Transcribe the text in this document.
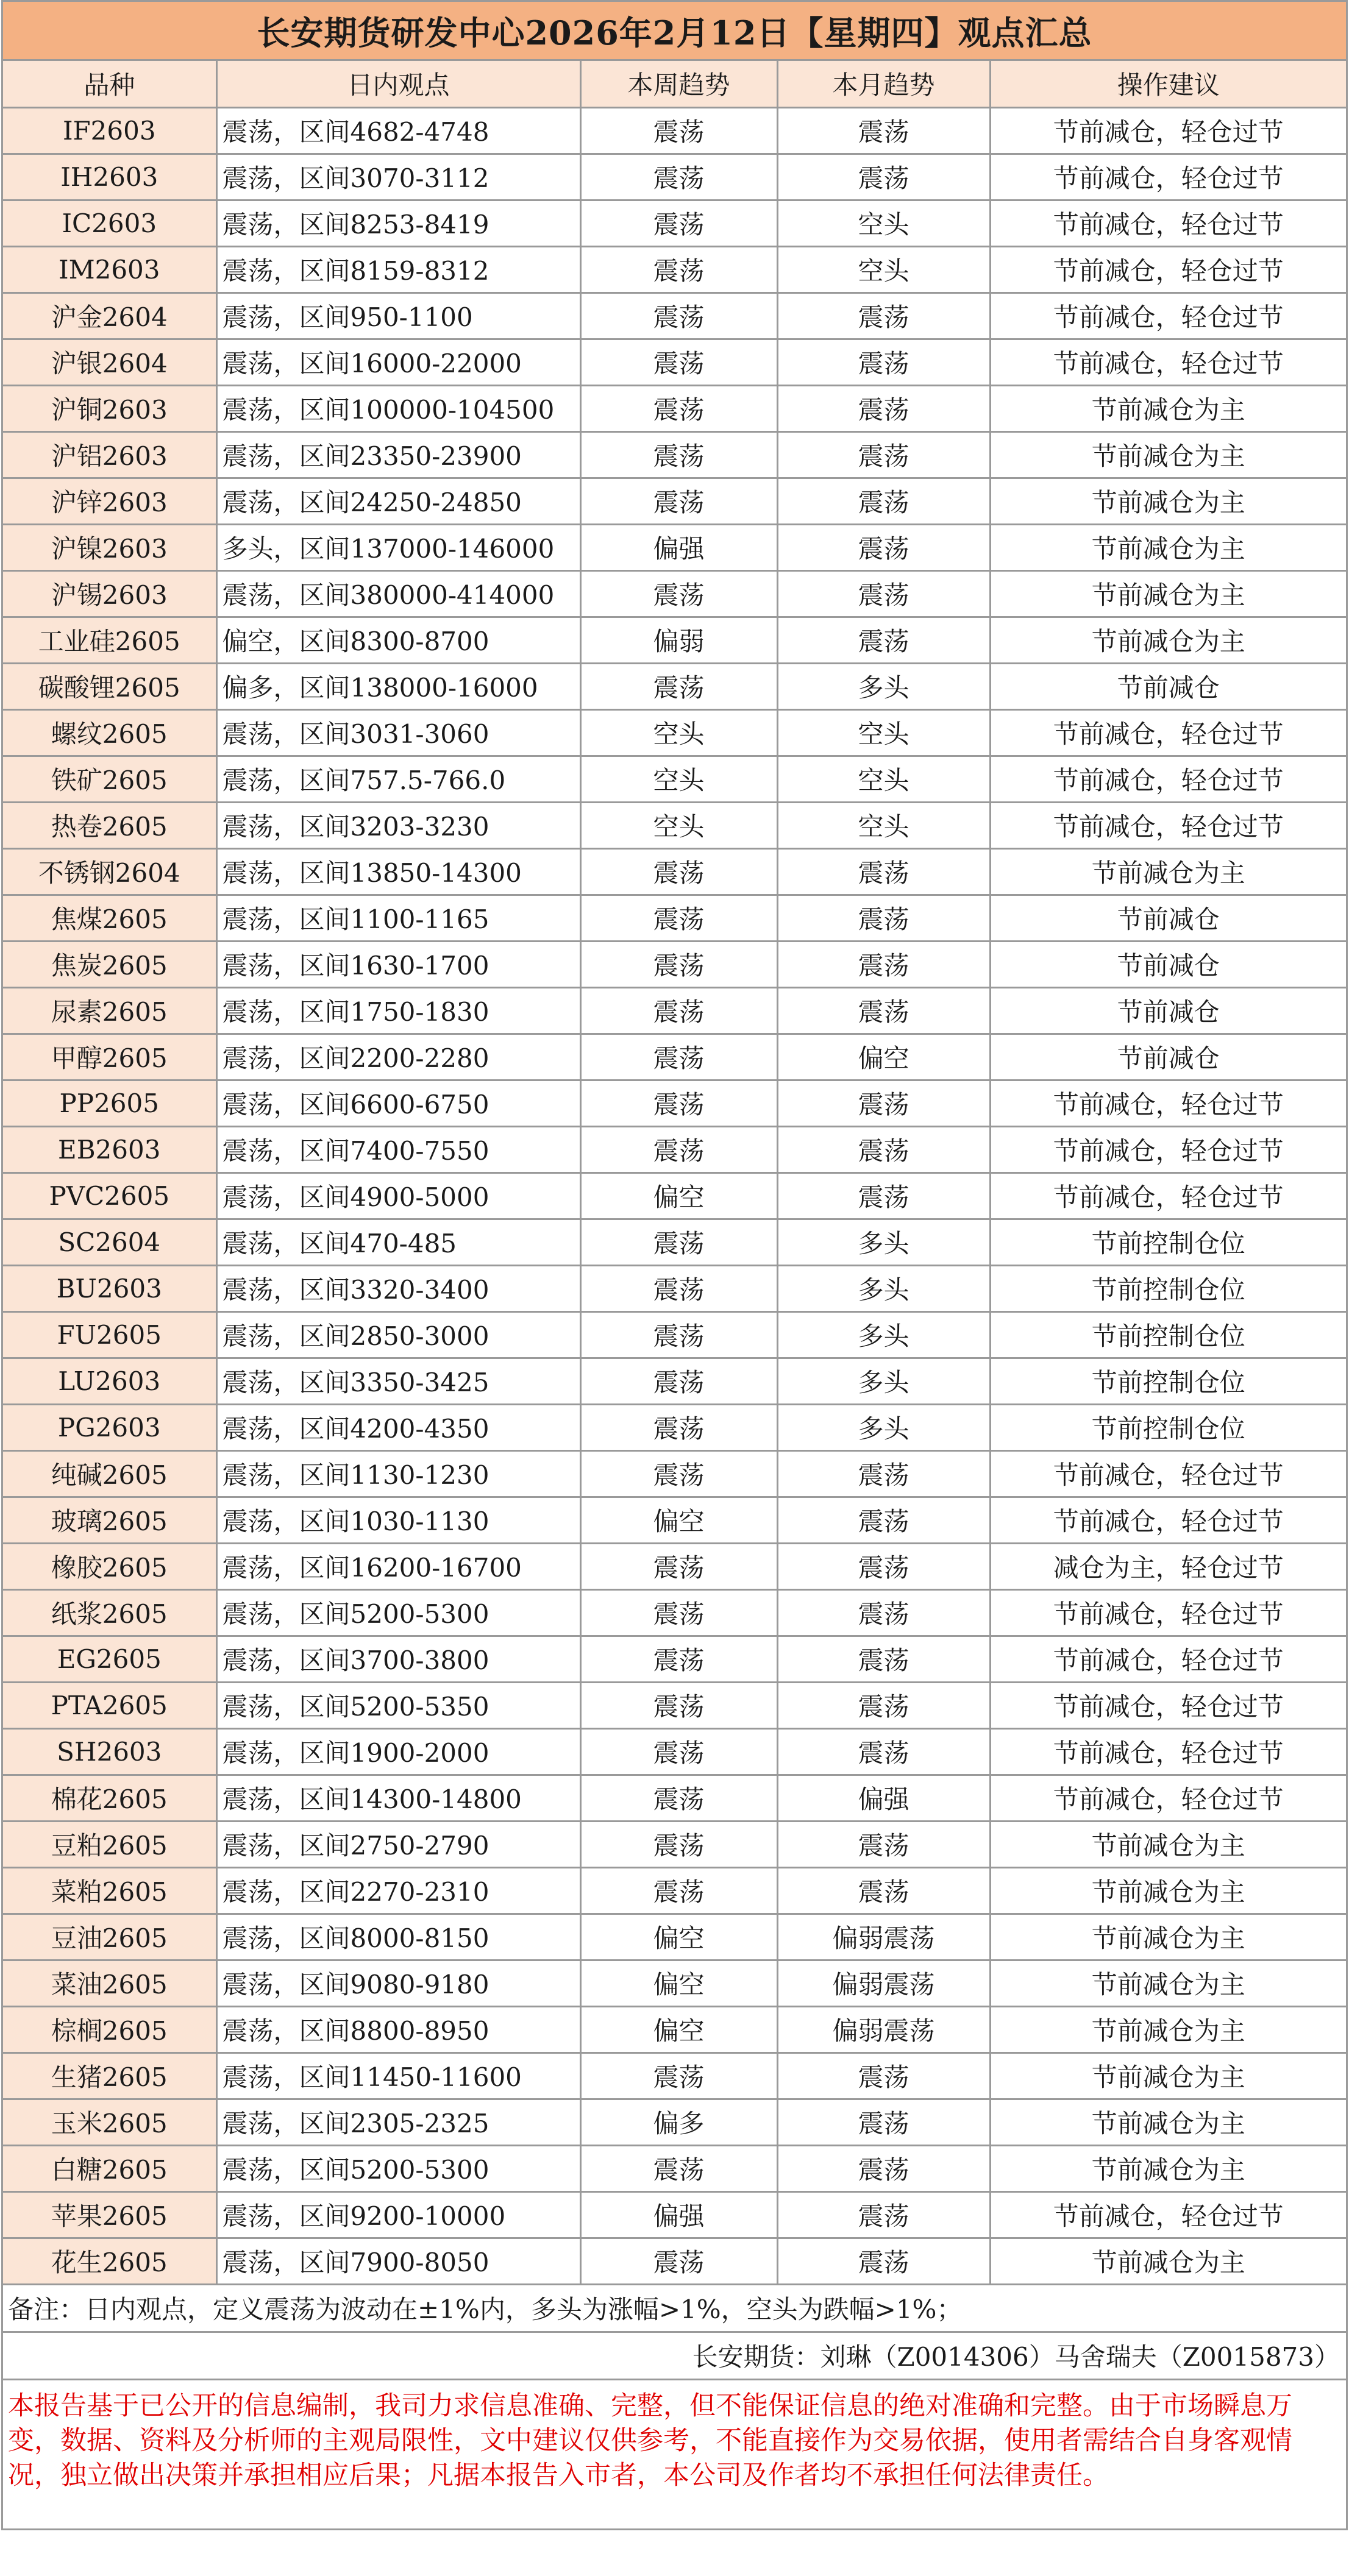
长安期货研发中心2026年2月12日【星期四】观点汇总
品种	日内观点	本周趋势	本月趋势	操作建议
IF2603	震荡，区间4682-4748	震荡	震荡	节前减仓，轻仓过节
IH2603	震荡，区间3070-3112	震荡	震荡	节前减仓，轻仓过节
IC2603	震荡，区间8253-8419	震荡	空头	节前减仓，轻仓过节
IM2603	震荡，区间8159-8312	震荡	空头	节前减仓，轻仓过节
沪金2604	震荡，区间950-1100	震荡	震荡	节前减仓，轻仓过节
沪银2604	震荡，区间16000-22000	震荡	震荡	节前减仓，轻仓过节
沪铜2603	震荡，区间100000-104500	震荡	震荡	节前减仓为主
沪铝2603	震荡，区间23350-23900	震荡	震荡	节前减仓为主
沪锌2603	震荡，区间24250-24850	震荡	震荡	节前减仓为主
沪镍2603	多头，区间137000-146000	偏强	震荡	节前减仓为主
沪锡2603	震荡，区间380000-414000	震荡	震荡	节前减仓为主
工业硅2605	偏空，区间8300-8700	偏弱	震荡	节前减仓为主
碳酸锂2605	偏多，区间138000-16000	震荡	多头	节前减仓
螺纹2605	震荡，区间3031-3060	空头	空头	节前减仓，轻仓过节
铁矿2605	震荡，区间757.5-766.0	空头	空头	节前减仓，轻仓过节
热卷2605	震荡，区间3203-3230	空头	空头	节前减仓，轻仓过节
不锈钢2604	震荡，区间13850-14300	震荡	震荡	节前减仓为主
焦煤2605	震荡，区间1100-1165	震荡	震荡	节前减仓
焦炭2605	震荡，区间1630-1700	震荡	震荡	节前减仓
尿素2605	震荡，区间1750-1830	震荡	震荡	节前减仓
甲醇2605	震荡，区间2200-2280	震荡	偏空	节前减仓
PP2605	震荡，区间6600-6750	震荡	震荡	节前减仓，轻仓过节
EB2603	震荡，区间7400-7550	震荡	震荡	节前减仓，轻仓过节
PVC2605	震荡，区间4900-5000	偏空	震荡	节前减仓，轻仓过节
SC2604	震荡，区间470-485	震荡	多头	节前控制仓位
BU2603	震荡，区间3320-3400	震荡	多头	节前控制仓位
FU2605	震荡，区间2850-3000	震荡	多头	节前控制仓位
LU2603	震荡，区间3350-3425	震荡	多头	节前控制仓位
PG2603	震荡，区间4200-4350	震荡	多头	节前控制仓位
纯碱2605	震荡，区间1130-1230	震荡	震荡	节前减仓，轻仓过节
玻璃2605	震荡，区间1030-1130	偏空	震荡	节前减仓，轻仓过节
橡胶2605	震荡，区间16200-16700	震荡	震荡	减仓为主，轻仓过节
纸浆2605	震荡，区间5200-5300	震荡	震荡	节前减仓，轻仓过节
EG2605	震荡，区间3700-3800	震荡	震荡	节前减仓，轻仓过节
PTA2605	震荡，区间5200-5350	震荡	震荡	节前减仓，轻仓过节
SH2603	震荡，区间1900-2000	震荡	震荡	节前减仓，轻仓过节
棉花2605	震荡，区间14300-14800	震荡	偏强	节前减仓，轻仓过节
豆粕2605	震荡，区间2750-2790	震荡	震荡	节前减仓为主
菜粕2605	震荡，区间2270-2310	震荡	震荡	节前减仓为主
豆油2605	震荡，区间8000-8150	偏空	偏弱震荡	节前减仓为主
菜油2605	震荡，区间9080-9180	偏空	偏弱震荡	节前减仓为主
棕榈2605	震荡，区间8800-8950	偏空	偏弱震荡	节前减仓为主
生猪2605	震荡，区间11450-11600	震荡	震荡	节前减仓为主
玉米2605	震荡，区间2305-2325	偏多	震荡	节前减仓为主
白糖2605	震荡，区间5200-5300	震荡	震荡	节前减仓为主
苹果2605	震荡，区间9200-10000	偏强	震荡	节前减仓，轻仓过节
花生2605	震荡，区间7900-8050	震荡	震荡	节前减仓为主
备注：日内观点，定义震荡为波动在±1%内，多头为涨幅>1%，空头为跌幅>1%；
长安期货：刘琳（Z0014306）马舍瑞夫（Z0015873）
本报告基于已公开的信息编制，我司力求信息准确、完整，但不能保证信息的绝对准确和完整。由于市场瞬息万变，数据、资料及分析师的主观局限性，文中建议仅供参考，不能直接作为交易依据，使用者需结合自身客观情况，独立做出决策并承担相应后果；凡据本报告入市者，本公司及作者均不承担任何法律责任。
